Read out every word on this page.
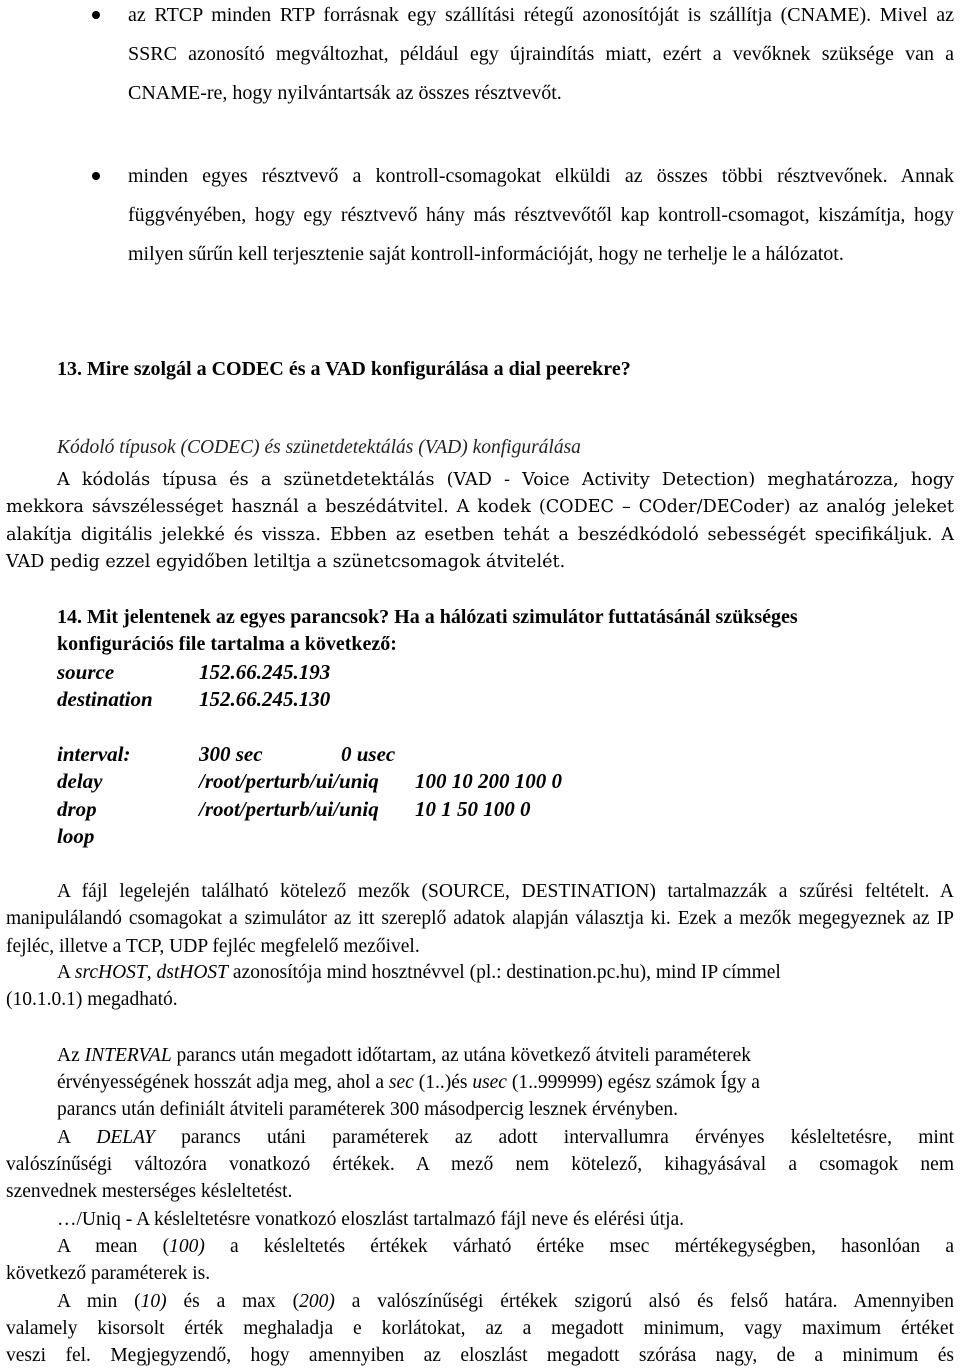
az RTCP minden RTP forrásnak egy szállítási rétegű azonosítóját is szállítja (CNAME). Mivel az SSRC azonosító megváltozhat, például egy újraindítás miatt, ezért a vevőknek szüksége van a CNAME-re, hogy nyilvántartsák az összes résztvevőt.
minden egyes résztvevő a kontroll-csomagokat elküldi az összes többi résztvevőnek. Annak függvényében, hogy egy résztvevő hány más résztvevőtől kap kontroll-csomagot, kiszámítja, hogy milyen sűrűn kell terjesztenie saját kontroll-információját, hogy ne terhelje le a hálózatot.
13. Mire szolgál a CODEC és a VAD konfigurálása a dial peerekre?
Kódoló típusok (CODEC) és szünetdetektálás (VAD) konfigurálása
A kódolás típusa és a szünetdetektálás (VAD - Voice Activity Detection) meghatározza, hogy mekkora sávszélességet használ a beszédátvitel. A kodek (CODEC – COder/DECoder) az analóg jeleket alakítja digitális jelekké és vissza. Ebben az esetben tehát a beszédkódoló sebességét specifikáljuk. A VAD pedig ezzel egyidőben letiltja a szünetcsomagok átvitelét.
14. Mit jelentenek az egyes parancsok? Ha a hálózati szimulátor futtatásánál szükséges
konfigurációs file tartalma a következő:
source	152.66.245.193
destination 152.66.245.130
interval:	300 sec	0 usec
delay	/root/perturb/ui/uniq 100 10 200 100 0
drop	/root/perturb/ui/uniq 10 1 50 100 0
loop
A fájl legelején található kötelező mezők (SOURCE, DESTINATION) tartalmazzák a szűrési feltételt. A manipulálandó csomagokat a szimulátor az itt szereplő adatok alapján választja ki. Ezek a mezők megegyeznek az IP fejléc, illetve a TCP, UDP fejléc megfelelő mezőivel.
A srcHOST, dstHOST azonosítója mind hosztnévvel (pl.: destination.pc.hu), mind IP címmel
(10.1.0.1) megadható.
Az INTERVAL parancs után megadott időtartam, az utána következő átviteli paraméterek
érvényességének hosszát adja meg, ahol a sec (1..)és usec (1..999999) egész számok Így a
parancs után definiált átviteli paraméterek 300 másodpercig lesznek érvényben.
A DELAY parancs utáni paraméterek az adott intervallumra érvényes késleltetésre, mint
valószínűségi változóra vonatkozó értékek. A mező nem kötelező, kihagyásával a csomagok nem
szenvednek mesterséges késleltetést.
…/Uniq - A késleltetésre vonatkozó eloszlást tartalmazó fájl neve és elérési útja.
A mean (100) a késleltetés értékek várható értéke msec mértékegységben, hasonlóan a
következő paraméterek is.
A min (10) és a max (200) a valószínűségi értékek szigorú alsó és felső határa. Amennyiben
valamely kisorsolt érték meghaladja e korlátokat, az a megadott minimum, vagy maximum értéket
veszi fel. Megjegyzendő, hogy amennyiben az eloszlást megadott szórása nagy, de a minimum és
